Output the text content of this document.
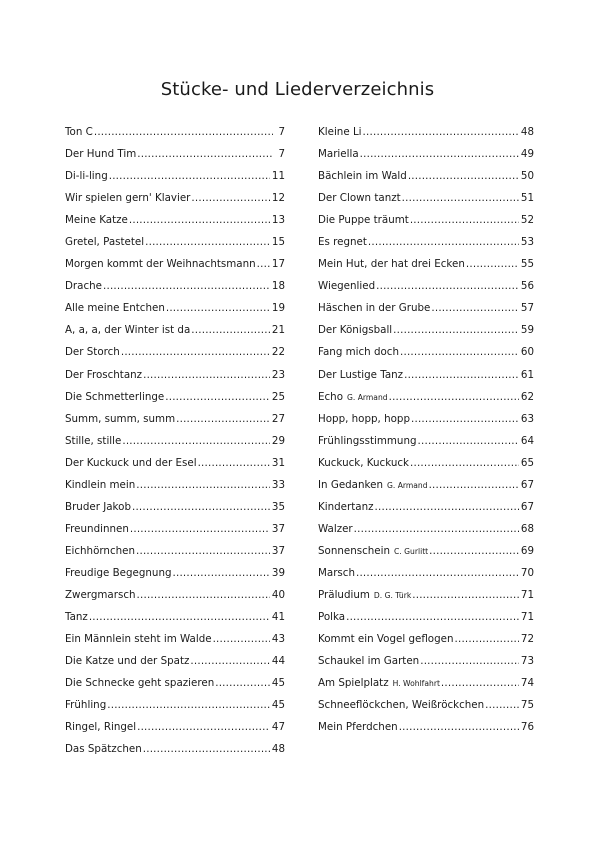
Stücke- und Liederverzeichnis
Ton C .....	7
Der Hund Tim .....	7
Di-li-ling .....	11
Wir spielen gern' Klavier .....	12
Meine Katze .....	13
Gretel, Pastetel .....	15
Morgen kommt der Weihnachtsmann ..... 17
Drache .....	18
Alle meine Entchen .....	19
A, a, a, der Winter ist da .....	21
Der Storch .....	22
Der Froschtanz .....	23
Die Schmetterlinge .....	25
Summ, summ, summ .....	27
Stille, stille .....	29
Der Kuckuck und der Esel .....	31
Kindlein mein .....	33
Bruder Jakob .....	35
Freundinnen .....	37
Eichhörnchen .....	37
Freudige Begegnung .....	39
Zwergmarsch .....	40
Tanz .....	41
Ein Männlein steht im Walde .....	43
Die Katze und der Spatz .....	44
Die Schnecke geht spazieren .....	45
Frühling .....	45
Ringel, Ringel .....	47
Das Spätzchen .....	48
Kleine Li .....	48
Mariella .....	49
Bächlein im Wald .....	50
Der Clown tanzt .....	51
Die Puppe träumt .....	52
Es regnet .....	53
Mein Hut, der hat drei Ecken .....	55
Wiegenlied .....	56
Häschen in der Grube .....	57
Der Königsball .....	59
Fang mich doch .....	60
Der Lustige Tanz .....	61
Echo G. Armand .....	62
Hopp, hopp, hopp .....	63
Frühlingsstimmung .....	64
Kuckuck, Kuckuck .....	65
In Gedanken G. Armand .....	67
Kindertanz .....	67
Walzer .....	68
Sonnenschein C. Gurlitt .....	69
Marsch .....	70
Präludium D. G. Türk .....	71
Polka .....	71
Kommt ein Vogel geflogen .....	72
Schaukel im Garten .....	73
Am Spielplatz H. Wohlfahrt .....	74
Schneeflöckchen, Weißröckchen .....	75
Mein Pferdchen .....	76
